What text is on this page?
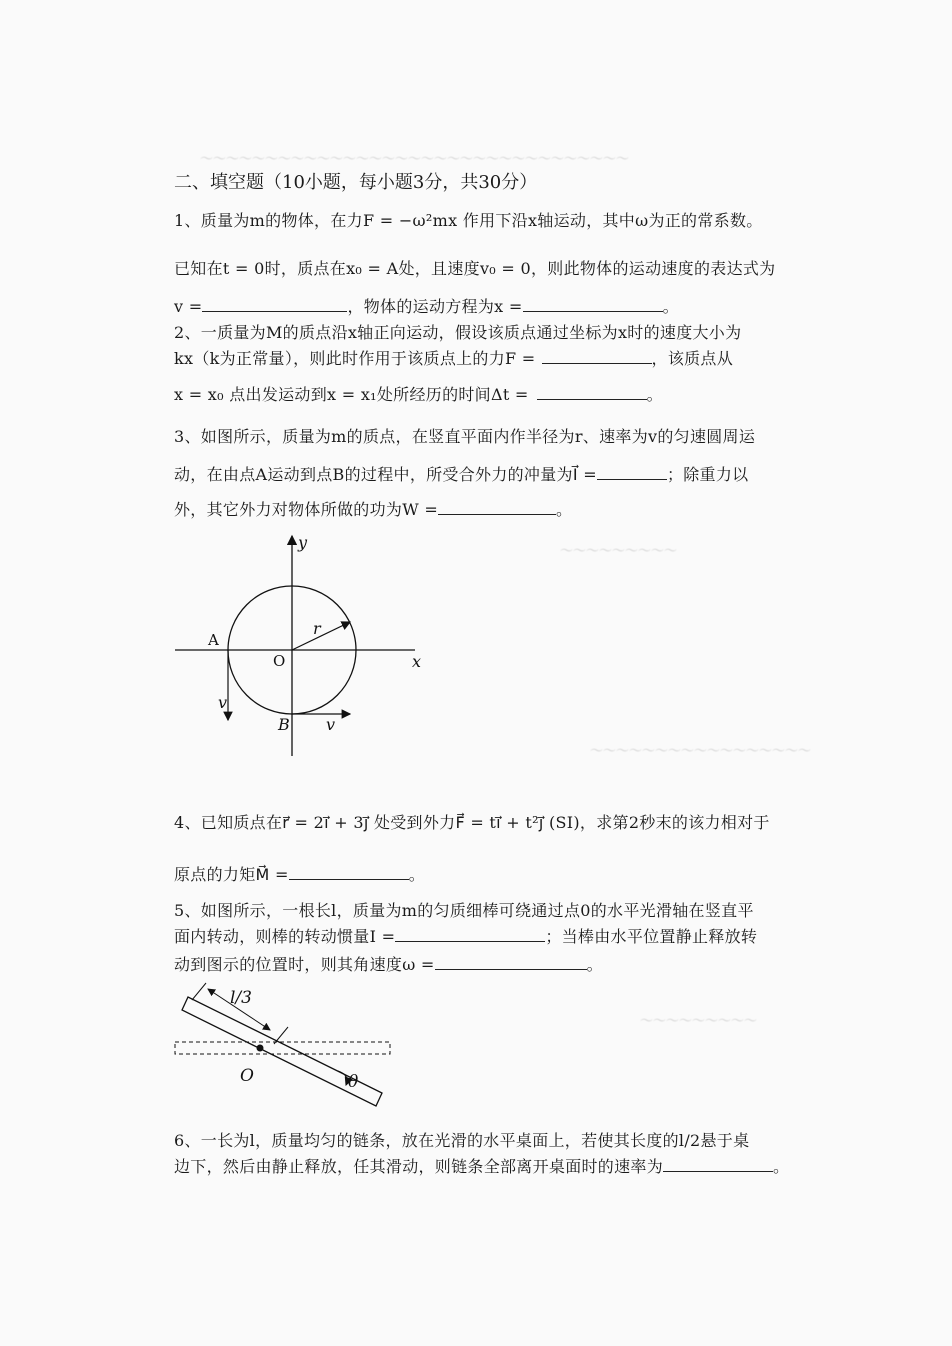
～～～～～～～～～～～～～～～～～～～～～～～～～～～～～～～～～
～～～～～～～～～
～～～～～～～～～～～～～～～～～
～～～～～～～～～
二、填空题（10小题，每小题3分，共30分）
1、质量为m的物体，在力F = −ω²mx 作用下沿x轴运动，其中ω为正的常系数。
已知在t = 0时，质点在x₀ = A处，且速度v₀ = 0，则此物体的运动速度的表达式为
v =	，物体的运动方程为x =	。
2、一质量为M的质点沿x轴正向运动，假设该质点通过坐标为x时的速度大小为
kx（k为正常量），则此时作用于该质点上的力F =	，该质点从
x = x₀ 点出发运动到x = x₁处所经历的时间Δt =	。
3、如图所示，质量为m的质点，在竖直平面内作半径为r、速率为v的匀速圆周运
动，在由点A运动到点B的过程中，所受合外力的冲量为I⃗ =	；除重力以
外，其它外力对物体所做的功为W =	。
y
x
O
A
B
r
v
v
4、已知质点在r⃗ = 2i⃗ + 3j⃗ 处受到外力F⃗ = ti⃗ + t²j⃗ (SI)，求第2秒末的该力相对于
原点的力矩M⃗ =	。
5、如图所示，一根长l，质量为m的匀质细棒可绕通过点0的水平光滑轴在竖直平
面内转动，则棒的转动惯量I =	；当棒由水平位置静止释放转
动到图示的位置时，则其角速度ω =	。
l/3
O	θ
6、一长为l，质量均匀的链条，放在光滑的水平桌面上，若使其长度的l/2悬于桌
边下，然后由静止释放，任其滑动，则链条全部离开桌面时的速率为	。
